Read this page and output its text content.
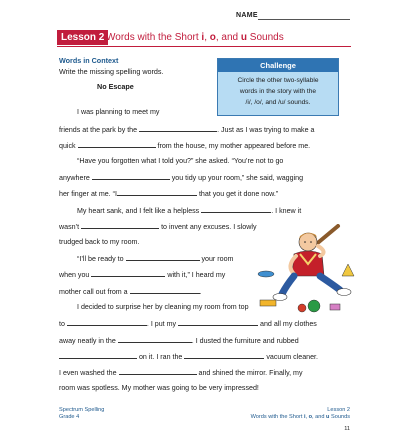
NAME
Lesson 2 Words with the Short i, o, and u Sounds
Words in Context
Write the missing spelling words.
No Escape
Challenge
Circle the other two-syllable
words in the story with the
/i/, /o/, and /u/ sounds.
I was planning to meet my
friends at the park by the	. Just as I was trying to make a
quick	from the house, my mother appeared before me.
“Have you forgotten what I told you?” she asked. “You’re not to go
anywhere	you tidy up your room,” she said, wagging
her finger at me. “I	that you get it done now.”
My heart sank, and I felt like a helpless	. I knew it
wasn’t	to invent any excuses. I slowly
trudged back to my room.
“I’ll be ready to	your room
when you	with it,” I heard my
mother call out from a	.
I decided to surprise her by cleaning my room from top
to	. I put my	and all my clothes
away neatly in the	. I dusted the furniture and rubbed
on it. I ran the	vacuum cleaner.
I even washed the	and shined the mirror. Finally, my
room was spotless. My mother was going to be very impressed!
Spectrum Spelling
Grade 4
Lesson 2
Words with the Short i, o, and u Sounds
11
